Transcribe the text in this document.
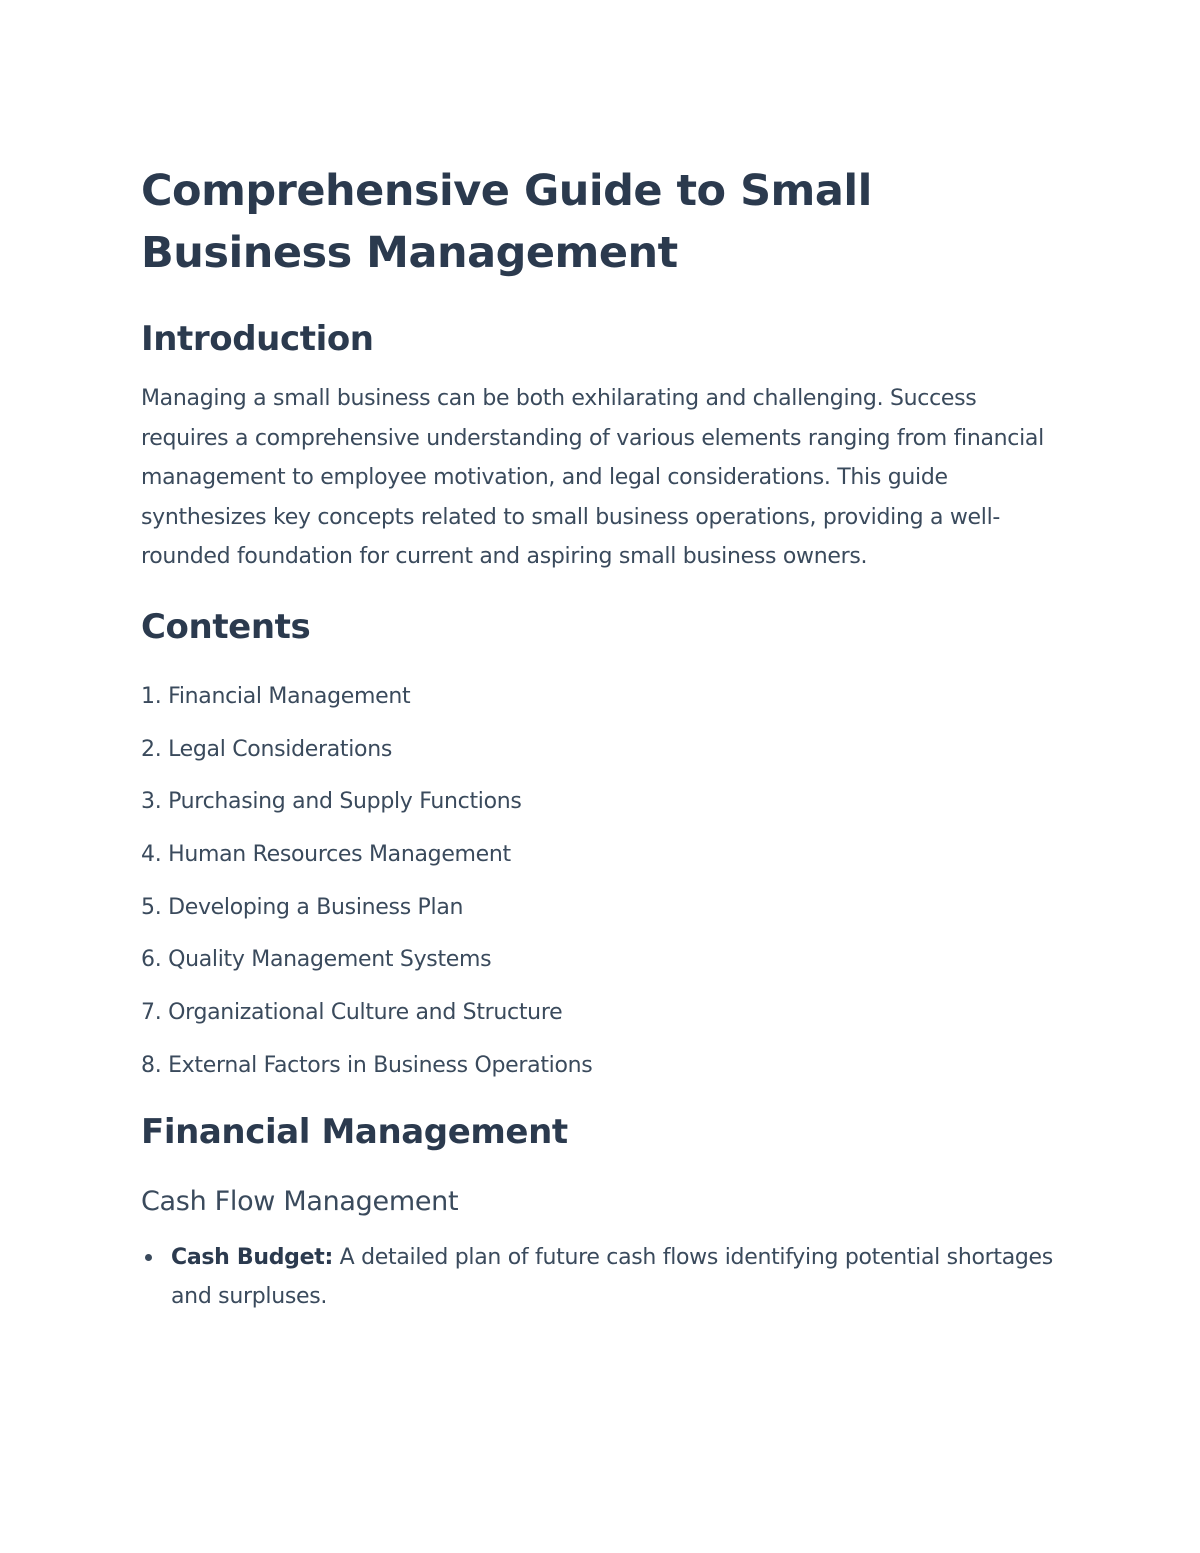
Comprehensive Guide to Small
Business Management
Introduction

Managing a small business can be both exhilarating and challenging. Success requires a comprehensive understanding of various elements ranging from financial management to employee motivation, and legal considerations. This guide synthesizes key concepts related to small business operations, providing a well-rounded foundation for current and aspiring small business owners.

Contents
1. Financial Management
2. Legal Considerations
3. Purchasing and Supply Functions
4. Human Resources Management
5. Developing a Business Plan
6. Quality Management Systems
7. Organizational Culture and Structure
8. External Factors in Business Operations
Financial Management
Cash Flow Management
Cash Budget: A detailed plan of future cash flows identifying potential shortages and surpluses.
